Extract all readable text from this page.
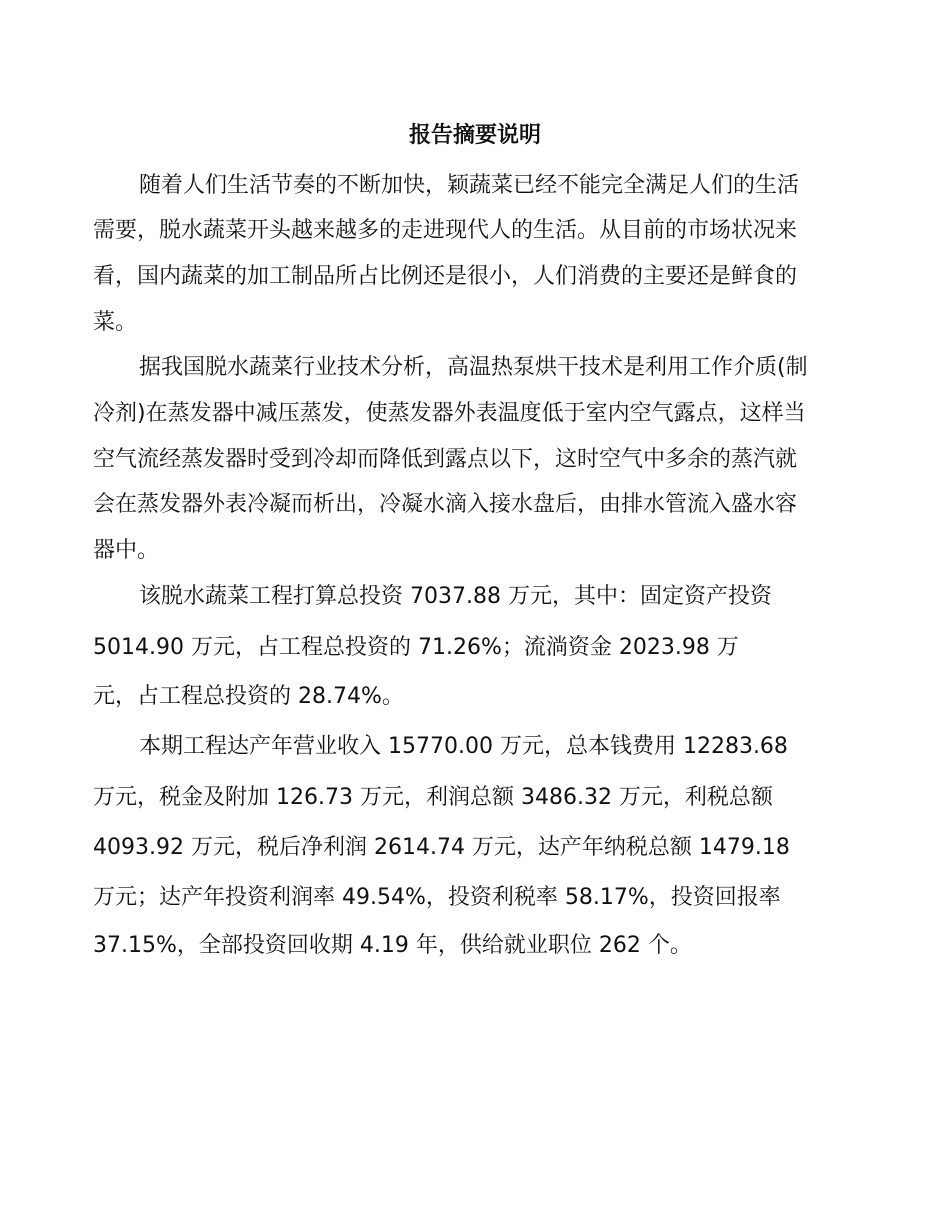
报告摘要说明

随着人们生活节奏的不断加快，颖蔬菜已经不能完全满足人们的生活

需要，脱水蔬菜开头越来越多的走进现代人的生活。从目前的市场状况来

看，国内蔬菜的加工制品所占比例还是很小，人们消费的主要还是鲜食的

菜。

据我国脱水蔬菜行业技术分析，高温热泵烘干技术是利用工作介质(制

冷剂)在蒸发器中减压蒸发，使蒸发器外表温度低于室内空气露点，这样当

空气流经蒸发器时受到冷却而降低到露点以下，这时空气中多余的蒸汽就

会在蒸发器外表冷凝而析出，冷凝水滴入接水盘后，由排水管流入盛水容

器中。

该脱水蔬菜工程打算总投资 7037.88 万元，其中：固定资产投资

5014.90 万元，占工程总投资的 71.26%；流淌资金 2023.98 万

元，占工程总投资的 28.74%。

本期工程达产年营业收入 15770.00 万元，总本钱费用 12283.68

万元，税金及附加 126.73 万元，利润总额 3486.32 万元，利税总额

4093.92 万元，税后净利润 2614.74 万元，达产年纳税总额 1479.18

万元；达产年投资利润率 49.54%，投资利税率 58.17%，投资回报率

37.15%，全部投资回收期 4.19 年，供给就业职位 262 个。
